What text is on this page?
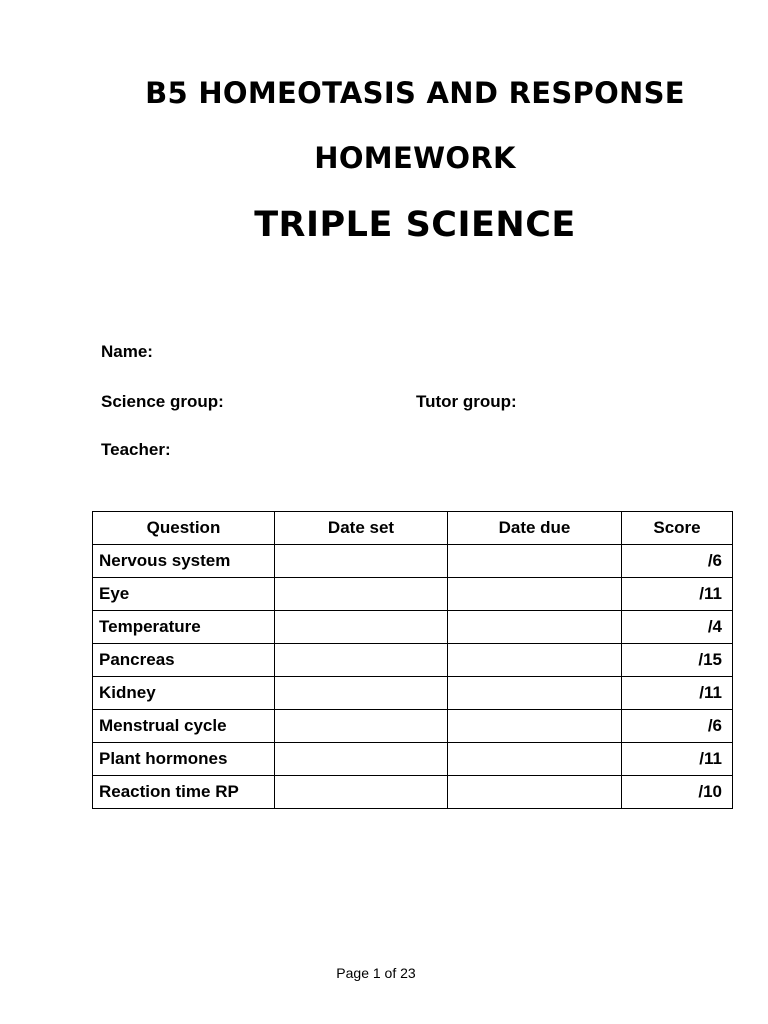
B5 HOMEOTASIS AND RESPONSE
HOMEWORK
TRIPLE SCIENCE
Name:
Science group:	Tutor group:
Teacher:
Question	Date set	Date due	Score
Nervous system			/6
Eye			/11
Temperature			/4
Pancreas			/15
Kidney			/11
Menstrual cycle			/6
Plant hormones			/11
Reaction time RP			/10
Page 1 of 23
